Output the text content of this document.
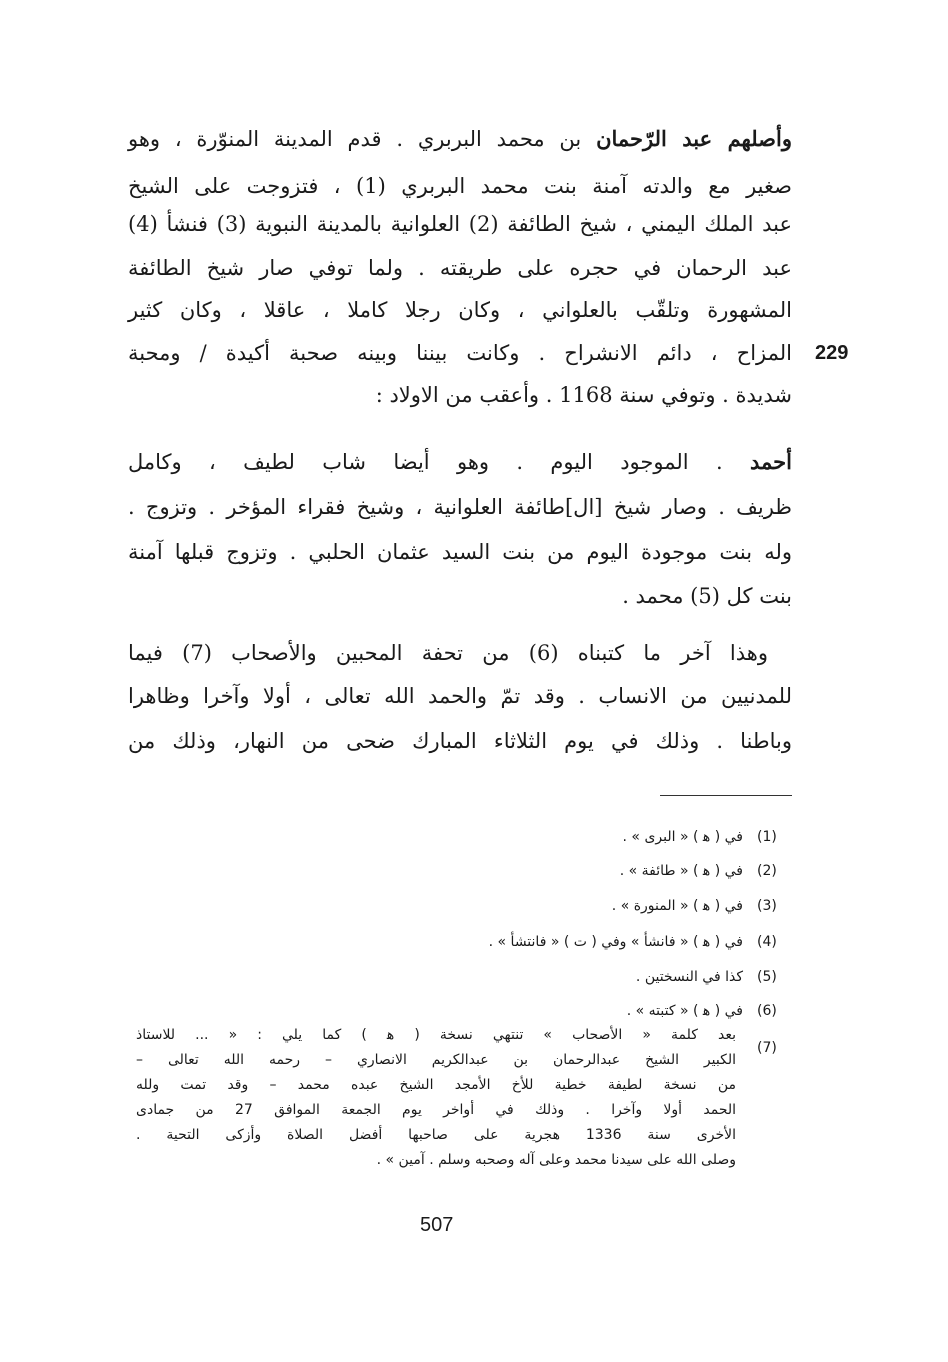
وأصلهم عبد الرّحمان بن محمد البربري . قدم المدينة المنوّرة ، وهو
صغير مع والدته آمنة بنت محمد البربري (1) ، فتزوجت على الشيخ
عبد الملك اليمني ، شيخ الطائفة (2) العلوانية بالمدينة النبوية (3) فنشأ (4)
عبد الرحمان في حجره على طريقته . ولما توفي صار شيخ الطائفة
المشهورة وتلقّب بالعلواني ، وكان رجلا كاملا ، عاقلا ، وكان كثير
المزاح ، دائم الانشراح . وكانت بيننا وبينه صحبة أكيدة / ومحبة
شديدة . وتوفي سنة 1168 . وأعقب من الاولاد :
229
أحمد . الموجود اليوم . وهو أيضا شاب لطيف ، وكامل
ظريف . وصار شيخ [ال]طائفة العلوانية ، وشيخ فقراء المؤخر . وتزوج .
وله بنت موجودة اليوم من بنت السيد عثمان الحلبي . وتزوج قبلها آمنة
بنت كل (5) محمد .
وهذا آخر ما كتبناه (6) من تحفة المحبين والأصحاب (7) فيما
للمدنيين من الانساب . وقد تمّ والحمد الله تعالى ، أولا وآخرا وظاهرا
وباطنا . وذلك في يوم الثلاثاء المبارك ضحى من النهار، وذلك من
(1)
في ( ﻫ ) « البرى » .
(2)
في ( ﻫ ) « طائفة » .
(3)
في ( ﻫ ) « المنورة » .
(4)
في ( ﻫ ) « فانشأ » وفي ( ت ) « فانتشأ » .
(5)
كذا في النسختين .
(6)
في ( ﻫ ) « كتبته » .
(7)
بعد كلمة « الأصحاب » تنتهي نسخة ( ﻫ ) كما يلي : « ... للاستاذ
الكبير الشيخ عبدالرحمان بن عبدالكريم الانصاري – رحمه الله تعالى –
من نسخة لطيفة خطية للأخ الأمجد الشيخ عبده محمد – وقد تمت ولله
الحمد أولا وآخرا . وذلك في أواخر يوم الجمعة الموافق 27 من جمادى
الأخرى سنة 1336 هجرية على صاحبها أفضل الصلاة وأزكى التحية .
وصلى الله على سيدنا محمد وعلى آله وصحبه وسلم . آمين » .
507
